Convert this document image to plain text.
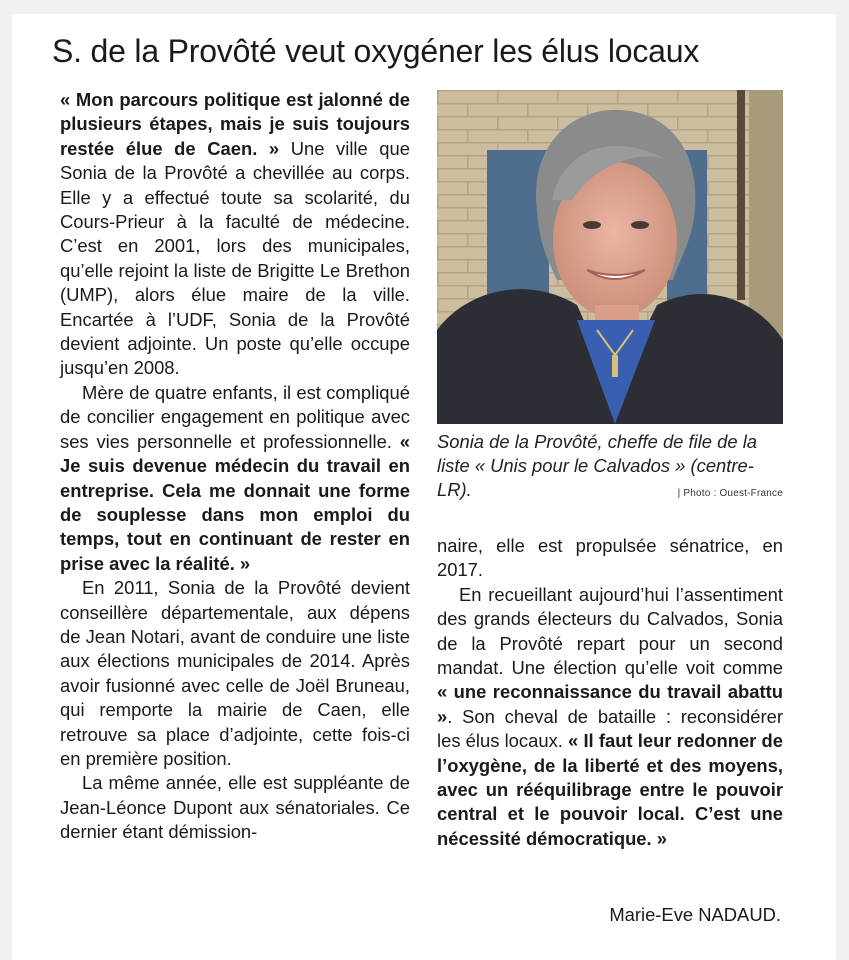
S. de la Provôté veut oxygéner les élus locaux

« Mon parcours politique est jalonné de plusieurs étapes, mais je suis toujours restée élue de Caen. » Une ville que Sonia de la Provôté a chevillée au corps. Elle y a effectué toute sa scolarité, du Cours-Prieur à la faculté de médecine. C’est en 2001, lors des municipales, qu’elle rejoint la liste de Brigitte Le Brethon (UMP), alors élue maire de la ville. Encartée à l’UDF, Sonia de la Provôté devient adjointe. Un poste qu’elle occupe jusqu’en 2008.

Mère de quatre enfants, il est compliqué de concilier engagement en politique avec ses vies personnelle et professionnelle. « Je suis devenue médecin du travail en entreprise. Cela me donnait une forme de souplesse dans mon emploi du temps, tout en continuant de rester en prise avec la réalité. »

En 2011, Sonia de la Provôté devient conseillère départementale, aux dépens de Jean Notari, avant de conduire une liste aux élections municipales de 2014. Après avoir fusionné avec celle de Joël Bruneau, qui remporte la mairie de Caen, elle retrouve sa place d’adjointe, cette fois-ci en première position.

La même année, elle est suppléante de Jean-Léonce Dupont aux sénatoriales. Ce dernier étant démission-

Sonia de la Provôté, cheffe de file de la liste « Unis pour le Calvados » (centre-LR).	| Photo : Ouest-France

naire, elle est propulsée sénatrice, en 2017.

En recueillant aujourd’hui l’assentiment des grands électeurs du Calvados, Sonia de la Provôté repart pour un second mandat. Une élection qu’elle voit comme « une reconnaissance du travail abattu ». Son cheval de bataille : reconsidérer les élus locaux. « Il faut leur redonner de l’oxygène, de la liberté et des moyens, avec un rééquilibrage entre le pouvoir central et le pouvoir local. C’est une nécessité démocratique. »

Marie-Eve NADAUD.
